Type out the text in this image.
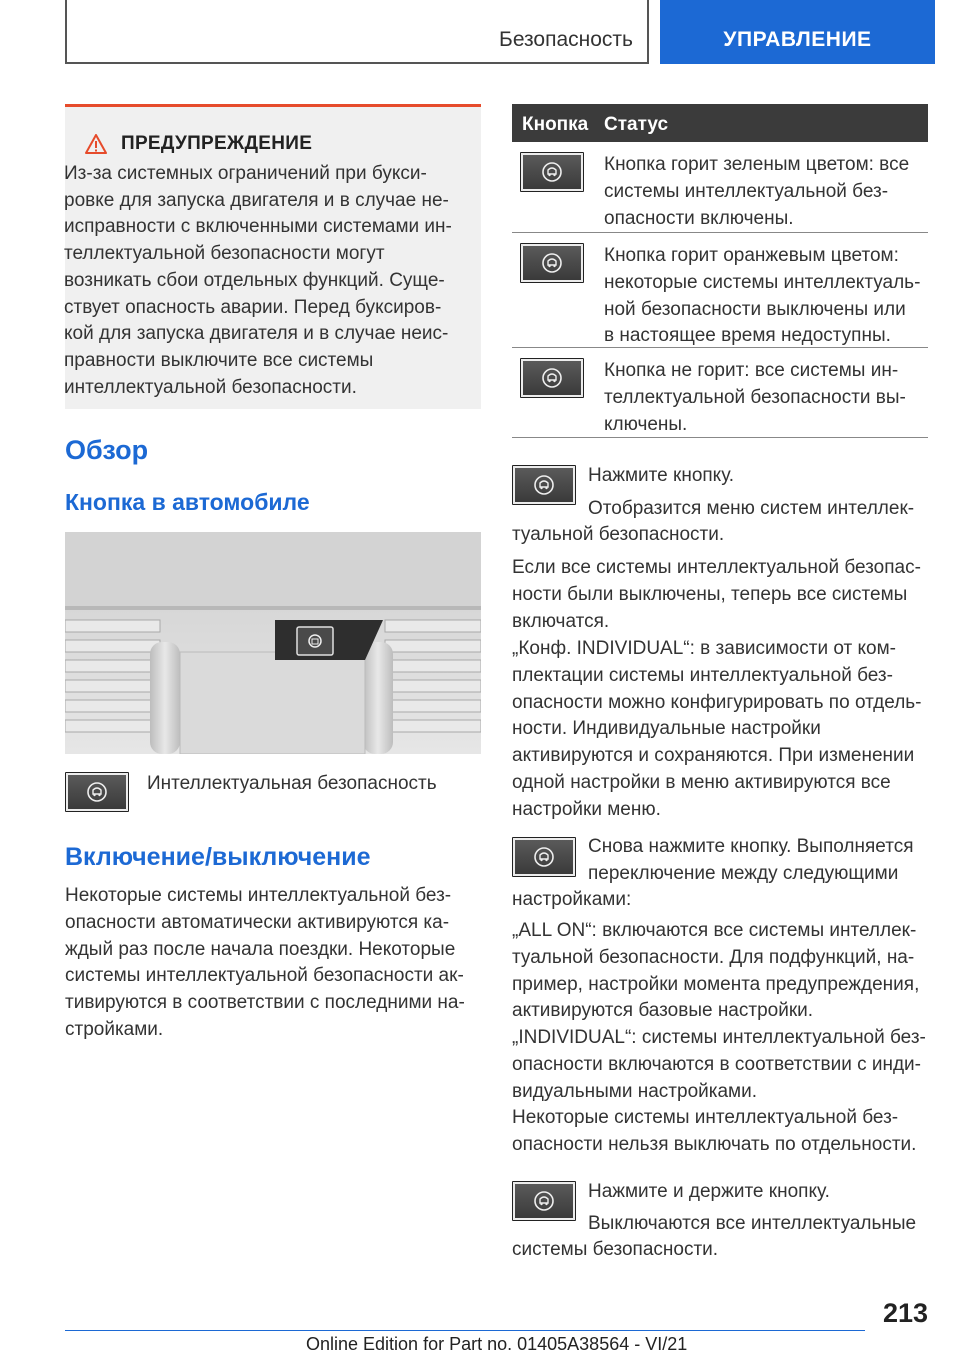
Безопасность	УПРАВЛЕНИЕ
ПРЕДУПРЕЖДЕНИЕ
Из-за системных ограничений при букси-
ровке для запуска двигателя и в случае не-
исправности с включенными системами ин-
теллектуальной безопасности могут
возникать сбои отдельных функций. Суще-
ствует опасность аварии. Перед буксиров-
кой для запуска двигателя и в случае неис-
правности выключите все системы
интеллектуальной безопасности.
Обзор
Кнопка в автомобиле
Интеллектуальная безопасность
Включение/выключение
Некоторые системы интеллектуальной без-
опасности автоматически активируются ка-
ждый раз после начала поездки. Некоторые
системы интеллектуальной безопасности ак-
тивируются в соответствии с последними на-
стройками.
Кнопка Статус
Кнопка горит зеленым цветом: все
системы интеллектуальной без-
опасности включены.
Кнопка горит оранжевым цветом:
некоторые системы интеллектуаль-
ной безопасности выключены или
в настоящее время недоступны.
Кнопка не горит: все системы ин-
теллектуальной безопасности вы-
ключены.
Нажмите кнопку.
Отобразится меню систем интеллек-
туальной безопасности.
Если все системы интеллектуальной безопас-
ности были выключены, теперь все системы
включатся.
„Конф. INDIVIDUAL“: в зависимости от ком-
плектации системы интеллектуальной без-
опасности можно конфигурировать по отдель-
ности. Индивидуальные настройки
активируются и сохраняются. При изменении
одной настройки в меню активируются все
настройки меню.
Снова нажмите кнопку. Выполняется
переключение между следующими
настройками:
„ALL ON“: включаются все системы интеллек-
туальной безопасности. Для подфункций, на-
пример, настройки момента предупреждения,
активируются базовые настройки.
„INDIVIDUAL“: системы интеллектуальной без-
опасности включаются в соответствии с инди-
видуальными настройками.
Некоторые системы интеллектуальной без-
опасности нельзя выключать по отдельности.
Нажмите и держите кнопку.
Выключаются все интеллектуальные
системы безопасности.
213
Online Edition for Part no. 01405A38564 - VI/21
